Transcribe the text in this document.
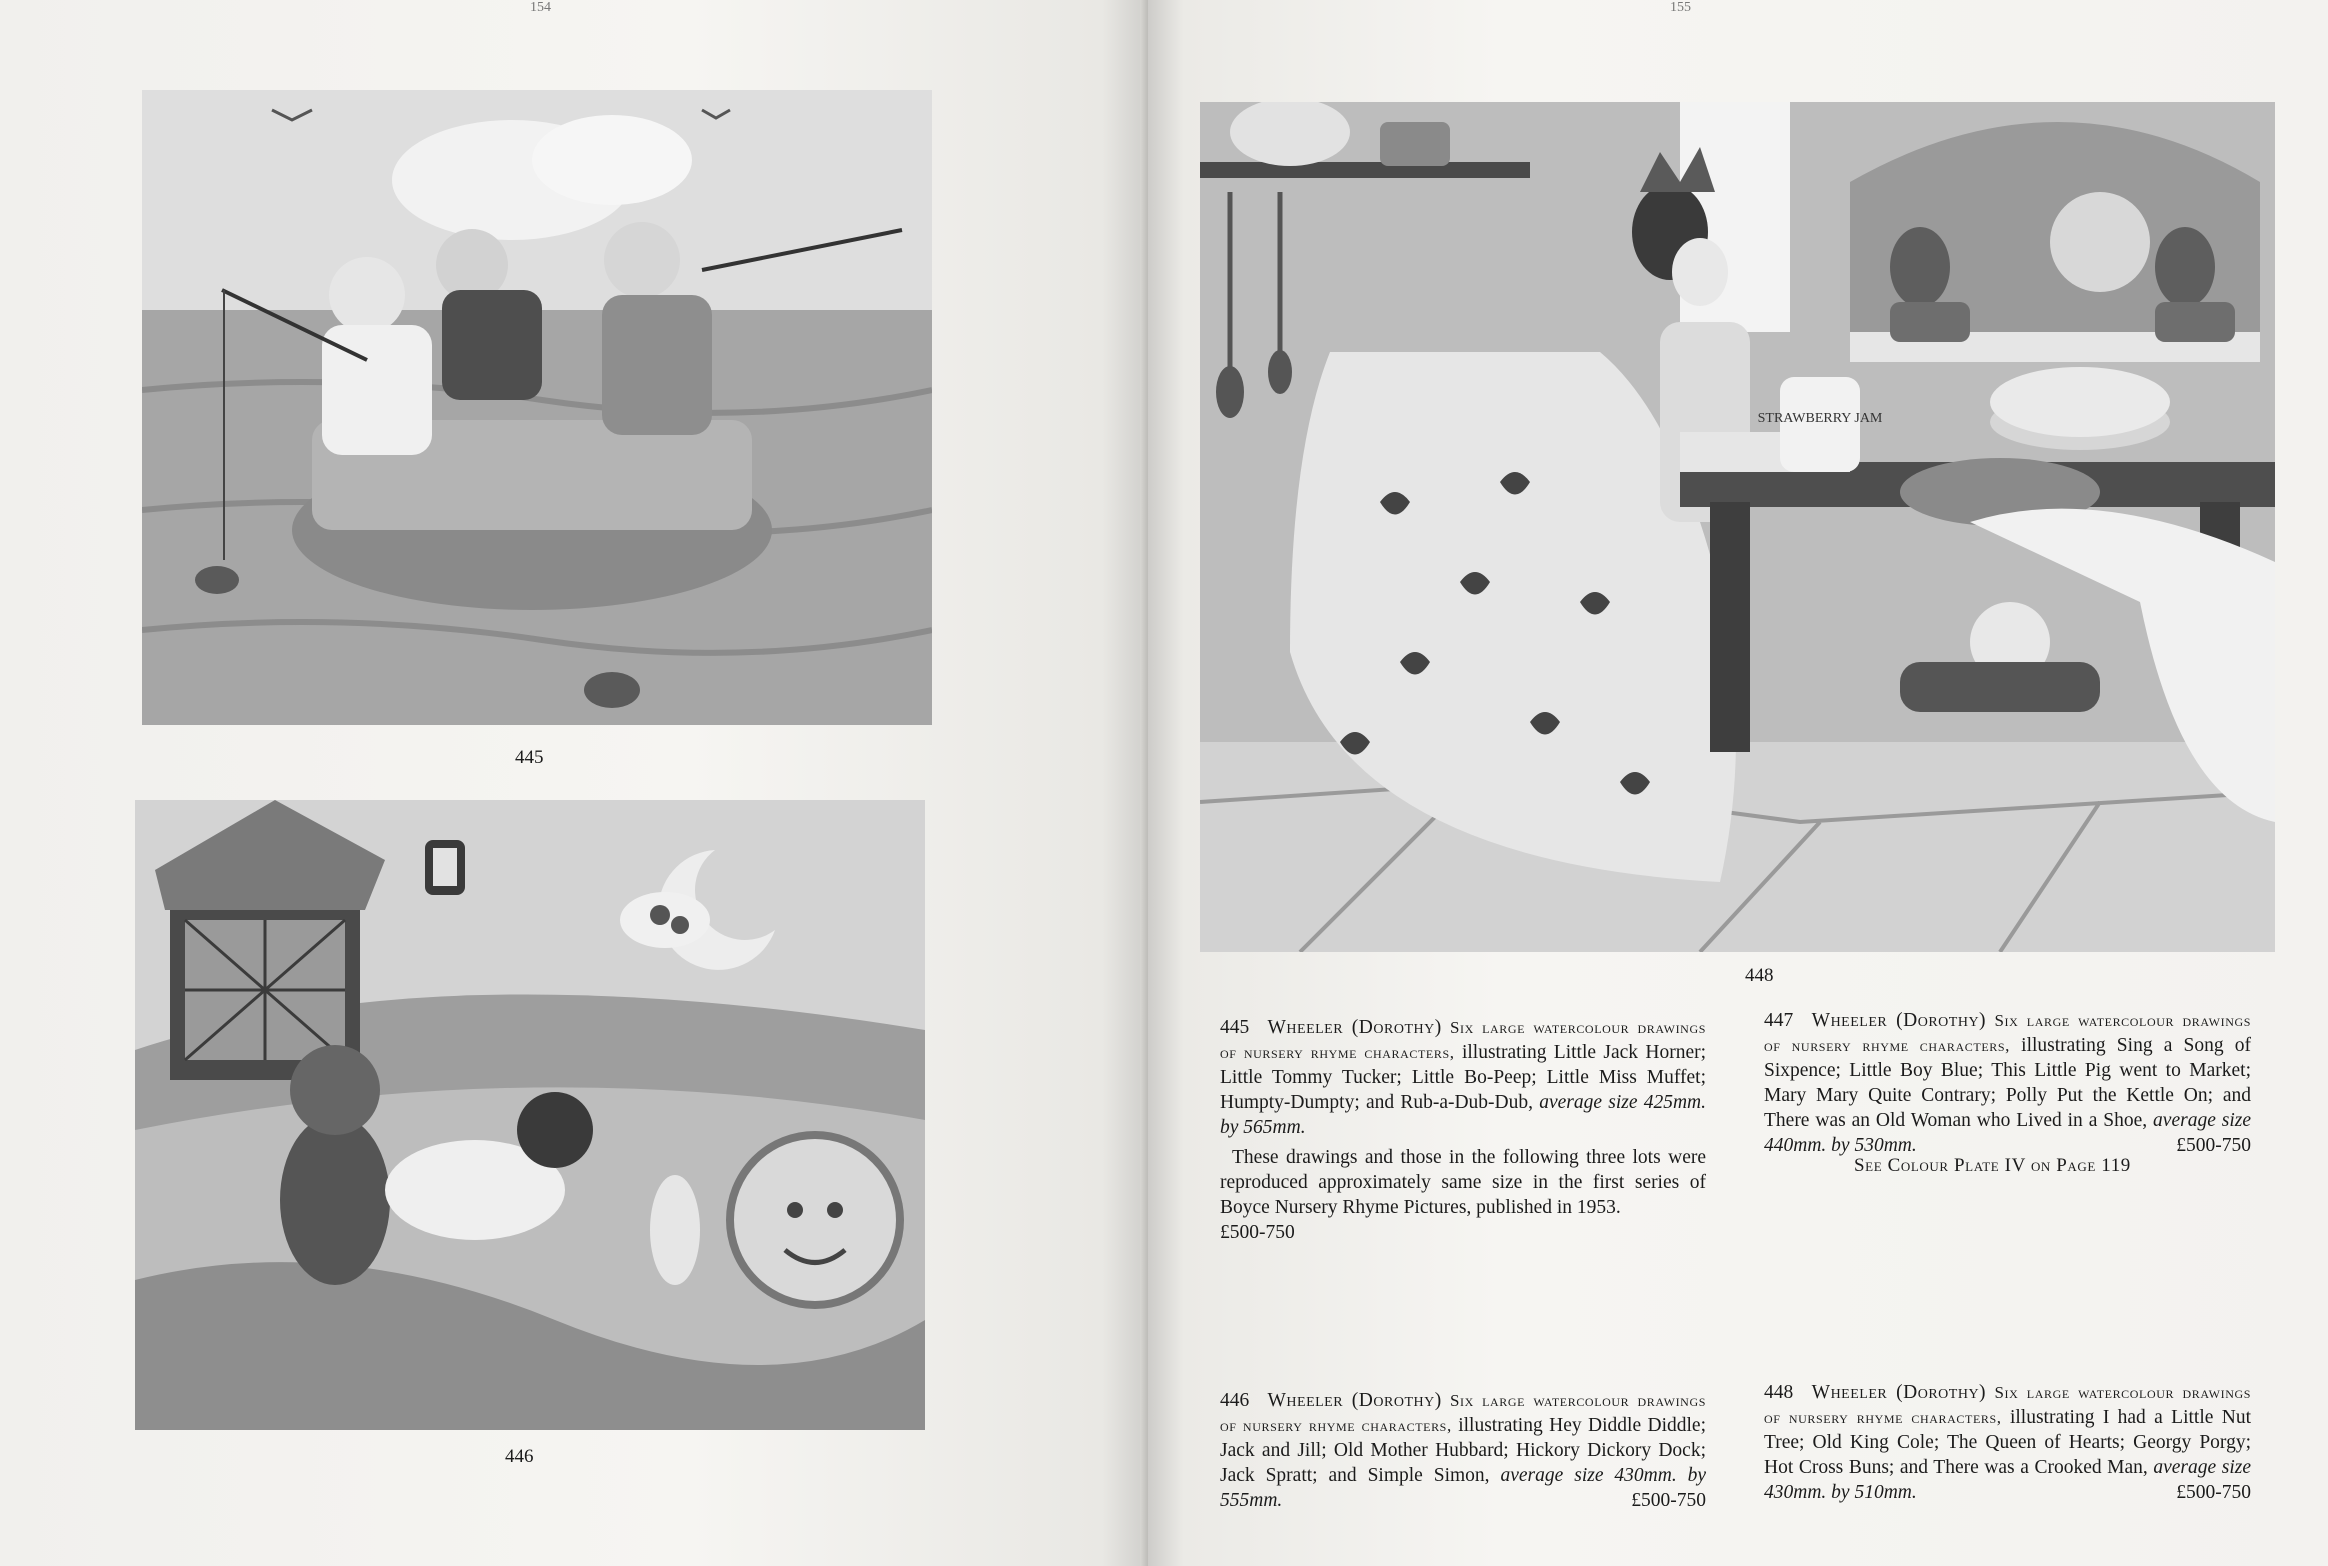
154
445
446

155
STRAWBERRY JAM
448
445 Wheeler (Dorothy) Six large watercolour drawings of nursery rhyme characters, illustrating Little Jack Horner; Little Tommy Tucker; Little Bo-Peep; Little Miss Muffet; Humpty-Dumpty; and Rub-a-Dub-Dub, average size 425mm. by 565mm.
These drawings and those in the following three lots were reproduced approximately same size in the first series of Boyce Nursery Rhyme Pictures, published in 1953.
£500-750
446 Wheeler (Dorothy) Six large watercolour drawings of nursery rhyme characters, illustrating Hey Diddle Diddle; Jack and Jill; Old Mother Hubbard; Hickory Dickory Dock; Jack Spratt; and Simple Simon, average size 430mm. by 555mm.	£500-750
447 Wheeler (Dorothy) Six large watercolour drawings of nursery rhyme characters, illustrating Sing a Song of Sixpence; Little Boy Blue; This Little Pig went to Market; Mary Mary Quite Contrary; Polly Put the Kettle On; and There was an Old Woman who Lived in a Shoe, average size 440mm. by 530mm.	£500-750
See Colour Plate IV on Page 119
448 Wheeler (Dorothy) Six large watercolour drawings of nursery rhyme characters, illustrating I had a Little Nut Tree; Old King Cole; The Queen of Hearts; Georgy Porgy; Hot Cross Buns; and There was a Crooked Man, average size 430mm. by 510mm.	£500-750
